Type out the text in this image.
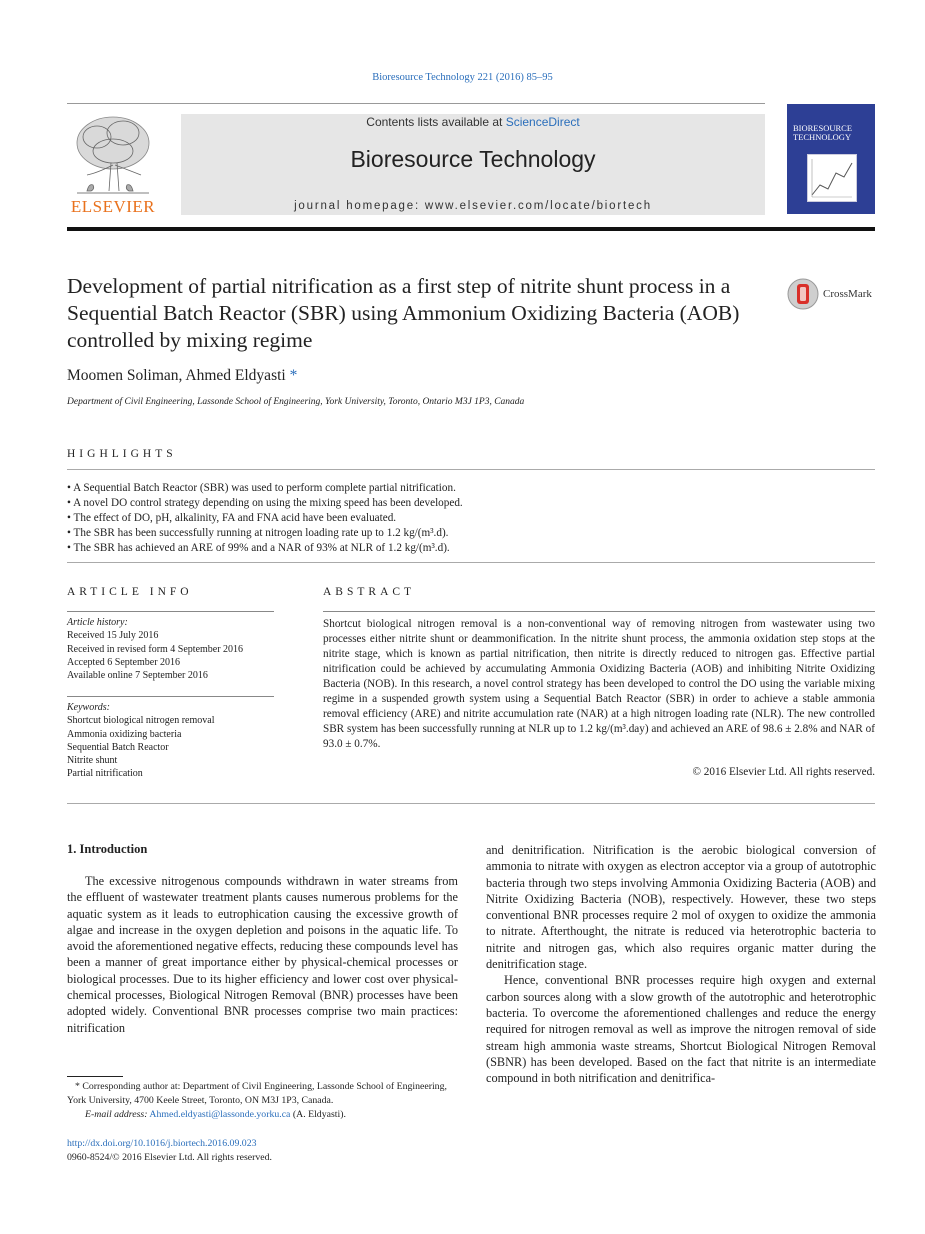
Bioresource Technology 221 (2016) 85–95
ELSEVIER
Contents lists available at ScienceDirect
Bioresource Technology
journal homepage: www.elsevier.com/locate/biortech
BIORESOURCE TECHNOLOGY
Development of partial nitrification as a first step of nitrite shunt process in a Sequential Batch Reactor (SBR) using Ammonium Oxidizing Bacteria (AOB) controlled by mixing regime
CrossMark
Moomen Soliman, Ahmed Eldyasti *
Department of Civil Engineering, Lassonde School of Engineering, York University, Toronto, Ontario M3J 1P3, Canada
HIGHLIGHTS
• A Sequential Batch Reactor (SBR) was used to perform complete partial nitrification.
• A novel DO control strategy depending on using the mixing speed has been developed.
• The effect of DO, pH, alkalinity, FA and FNA acid have been evaluated.
• The SBR has been successfully running at nitrogen loading rate up to 1.2 kg/(m³.d).
• The SBR has achieved an ARE of 99% and a NAR of 93% at NLR of 1.2 kg/(m³.d).
ARTICLE INFO
Article history:
Received 15 July 2016
Received in revised form 4 September 2016
Accepted 6 September 2016
Available online 7 September 2016
Keywords:
Shortcut biological nitrogen removal
Ammonia oxidizing bacteria
Sequential Batch Reactor
Nitrite shunt
Partial nitrification
ABSTRACT
Shortcut biological nitrogen removal is a non-conventional way of removing nitrogen from wastewater using two processes either nitrite shunt or deammonification. In the nitrite shunt process, the ammonia oxidation step stops at the nitrite stage, which is known as partial nitrification, then nitrite is directly reduced to nitrogen gas. Effective partial nitrification could be achieved by accumulating Ammonia Oxidizing Bacteria (AOB) and inhibiting Nitrite Oxidizing Bacteria (NOB). In this research, a novel control strategy has been developed to control the DO using the variable mixing regime in a suspended growth system using a Sequential Batch Reactor (SBR) in order to achieve a stable ammonia removal efficiency (ARE) and nitrite accumulation rate (NAR) at a high nitrogen loading rate (NLR). The new controlled SBR system has been successfully running at NLR up to 1.2 kg/(m³.day) and achieved an ARE of 98.6 ± 2.8% and NAR of 93.0 ± 0.7%.
© 2016 Elsevier Ltd. All rights reserved.
1. Introduction
The excessive nitrogenous compounds withdrawn in water streams from the effluent of wastewater treatment plants causes numerous problems for the aquatic system as it leads to eutrophication causing the excessive growth of algae and increase in the oxygen depletion and poisons in the aquatic life. To avoid the aforementioned negative effects, reducing these compounds level has been a manner of great importance either by physical-chemical processes or biological processes. Due to its higher efficiency and lower cost over physical-chemical processes, Biological Nitrogen Removal (BNR) processes have been adopted widely. Conventional BNR processes comprise two main practices: nitrification

and denitrification. Nitrification is the aerobic biological conversion of ammonia to nitrate with oxygen as electron acceptor via a group of autotrophic bacteria through two steps involving Ammonia Oxidizing Bacteria (AOB) and Nitrite Oxidizing Bacteria (NOB), respectively. However, these two steps conventional BNR processes require 2 mol of oxygen to oxidize the ammonia to nitrate. Afterthought, the nitrate is reduced via heterotrophic bacteria to nitrite and nitrogen gas, which also requires organic matter during the denitrification stage.

Hence, conventional BNR processes require high oxygen and external carbon sources along with a slow growth of the autotrophic and heterotrophic bacteria. To overcome the aforementioned challenges and reduce the energy required for nitrogen removal as well as improve the nitrogen removal of side stream high ammonia waste streams, Shortcut Biological Nitrogen Removal (SBNR) has been developed. Based on the fact that nitrite is an intermediate compound in both nitrification and denitrifica-

* Corresponding author at: Department of Civil Engineering, Lassonde School of Engineering, York University, 4700 Keele Street, Toronto, ON M3J 1P3, Canada.
E-mail address: Ahmed.eldyasti@lassonde.yorku.ca (A. Eldyasti).
http://dx.doi.org/10.1016/j.biortech.2016.09.023
0960-8524/© 2016 Elsevier Ltd. All rights reserved.
